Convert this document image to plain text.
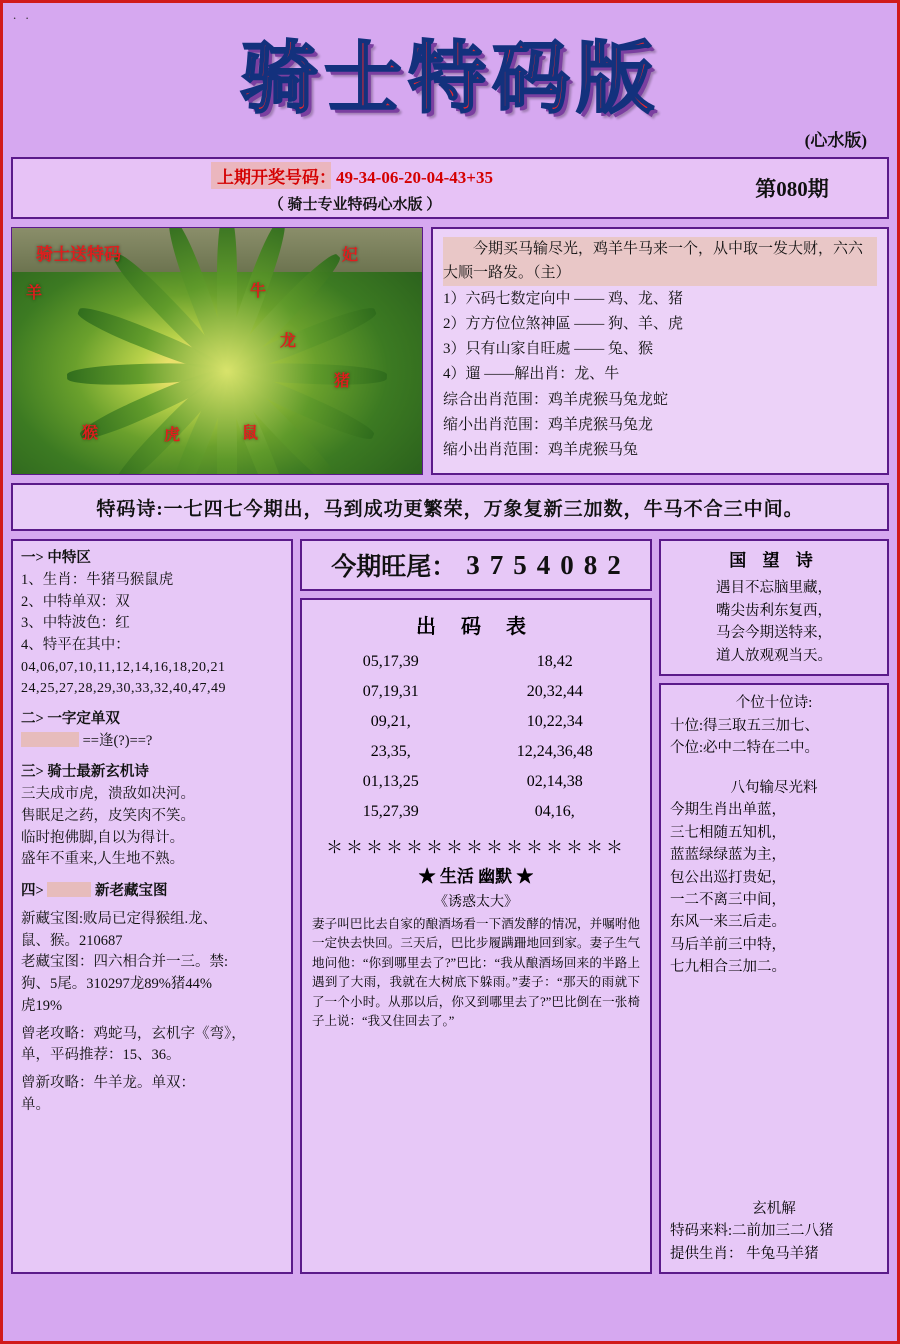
. .
骑士特码版
(心水版)
上期开奖号码：49-34-06-20-04-43+35
（ 骑士专业特码心水版 ）
第080期
骑士送特码
羊	牛
妃
龙
猪
猴	虎	鼠

今期买马输尽光，鸡羊牛马来一个，从中取一发大财，六六大顺一路发。（主）

1）六码七数定向中 —— 鸡、龙、猪

2）方方位位煞神區 —— 狗、羊、虎

3）只有山家自旺處 —— 兔、猴

4）遛 ——解出肖：龙、牛

综合出肖范围：鸡羊虎猴马兔龙蛇

缩小出肖范围：鸡羊虎猴马兔龙

缩小出肖范围：鸡羊虎猴马兔

特码诗:一七四七今期出，马到成功更繁荣，万象复新三加数，牛马不合三中间。
一> 中特区
1、生肖：牛猪马猴鼠虎
2、中特单双：双
3、中特波色：红
4、特平在其中：
04,06,07,10,11,12,14,16,18,20,21
24,25,27,28,29,30,33,32,40,47,49
二> 一字定单双
==逢(?)==?
三> 骑士最新玄机诗
三夫成市虎，溃敌如决河。
售眠足之药，皮笑肉不笑。
临时抱佛脚,自以为得计。
盛年不重来,人生地不熟。
四>	新老藏宝图
新藏宝图:败局已定得猴组.龙、
鼠、猴。210687
老藏宝图：四六相合并一三。禁:
狗、5尾。310297龙89%猪44%
虎19%
曾老攻略：鸡蛇马，玄机字《弯》，
单，平码推荐：15、36。
曾新攻略：牛羊龙。单双：
单。
今期旺尾： 3 7 5 4 0 8 2
出 码 表
05,17,39	18,42
07,19,31	20,32,44
09,21,	10,22,34
23,35,	12,24,36,48
01,13,25	02,14,38
15,27,39	04,16,
＊＊＊＊＊＊＊＊＊＊＊＊＊＊＊
★ 生活 幽默 ★
《诱惑太大》
妻子叫巴比去自家的酿酒场看一下酒发酵的情况，并嘱咐他一定快去快回。三天后，巴比步履蹒跚地回到家。妻子生气地问他：“你到哪里去了?”巴比：“我从酿酒场回来的半路上遇到了大雨，我就在大树底下躲雨。”妻子：“那天的雨就下了一个小时。从那以后，你又到哪里去了?”巴比倒在一张椅子上说：“我又住回去了。”
国 望 诗
遇目不忘脑里藏，
嘴尖齿利东复西，
马会今期送特来，
道人放观观当天。
个位十位诗:
十位:得三取五三加七、
个位:必中二特在二中。
八句输尽光料
今期生肖出单蓝，
三七相随五知机，
蓝蓝绿绿蓝为主，
包公出巡打贵妃，
一二不离三中间，
东风一来三后走。
马后羊前三中特，
七九相合三加二。
玄机解
特码来料:二前加三二八猪
提供生肖： 牛兔马羊猪
